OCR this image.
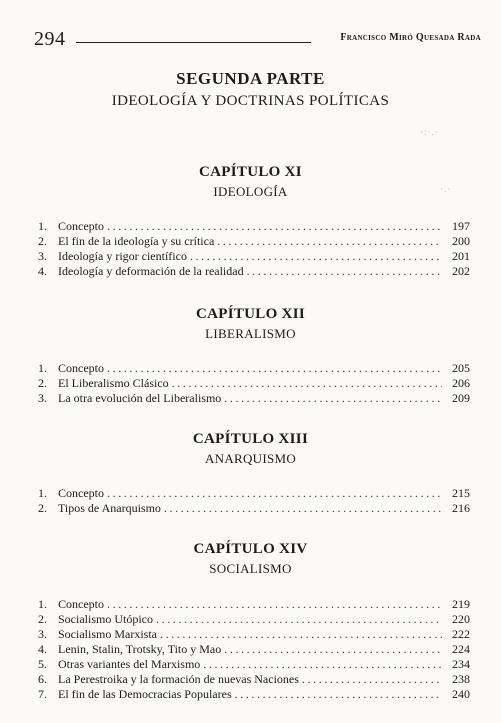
294	Francisco Miró Quesada Rada
SEGUNDA PARTE
IDEOLOGÍA Y DOCTRINAS POLÍTICAS
·:·.·
·.·
CAPÍTULO XI
IDEOLOGÍA
1. Concepto .....	197
2. El fin de la ideología y su crítica .....	200
3. Ideología y rigor científico .....	201
4. Ideología y deformación de la realidad .....	202
CAPÍTULO XII
LIBERALISMO
1. Concepto .....	205
2. El Liberalismo Clásico .....	206
3. La otra evolución del Liberalismo .....	209
CAPÍTULO XIII
ANARQUISMO
1. Concepto .....	215
2. Tipos de Anarquismo .....	216
CAPÍTULO XIV
SOCIALISMO
1. Concepto .....	219
2. Socialismo Utópico .....	220
3. Socialismo Marxista .....	222
4. Lenin, Stalin, Trotsky, Tito y Mao .....	224
5. Otras variantes del Marxismo .....	234
6. La Perestroika y la formación de nuevas Naciones .....	238
7. El fin de las Democracias Populares .....	240
